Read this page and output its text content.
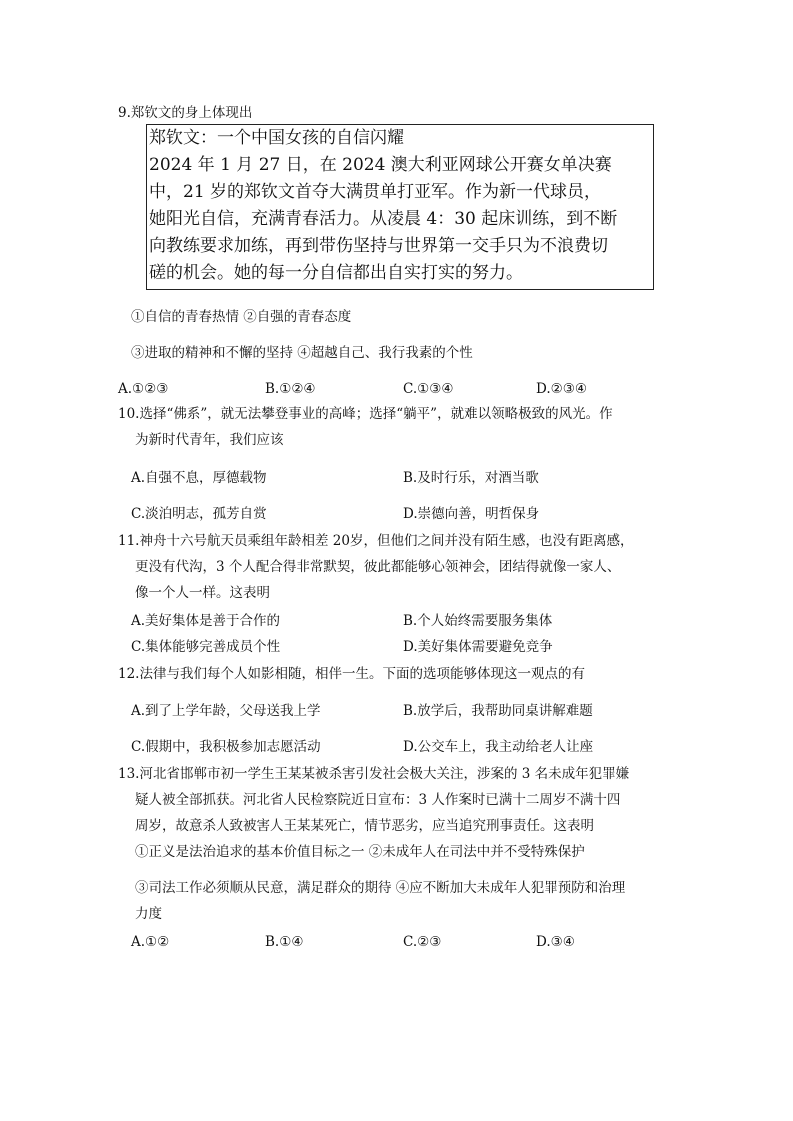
9.郑钦文的身上体现出
郑钦文：一个中国女孩的自信闪耀
2024 年 1 月 27 日，在 2024 澳大利亚网球公开赛女单决赛
中，21 岁的郑钦文首夺大满贯单打亚军。作为新一代球员，
她阳光自信，充满青春活力。从凌晨 4：30 起床训练，到不断
向教练要求加练，再到带伤坚持与世界第一交手只为不浪费切
磋的机会。她的每一分自信都出自实打实的努力。
①自信的青春热情 ②自强的青春态度
③进取的精神和不懈的坚持 ④超越自己、我行我素的个性
A.①②③	B.①②④	C.①③④	D.②③④
10.选择“佛系”，就无法攀登事业的高峰；选择“躺平”，就难以领略极致的风光。作
为新时代青年，我们应该
A.自强不息，厚德载物	B.及时行乐，对酒当歌
C.淡泊明志，孤芳自赏	D.崇德向善，明哲保身
11.神舟十六号航天员乘组年龄相差 20岁，但他们之间并没有陌生感，也没有距离感，
更没有代沟，3 个人配合得非常默契，彼此都能够心领神会，团结得就像一家人、
像一个人一样。这表明
A.美好集体是善于合作的	B.个人始终需要服务集体
C.集体能够完善成员个性	D.美好集体需要避免竞争
12.法律与我们每个人如影相随，相伴一生。下面的选项能够体现这一观点的有
A.到了上学年龄，父母送我上学	B.放学后，我帮助同桌讲解难题
C.假期中，我积极参加志愿活动	D.公交车上，我主动给老人让座
13.河北省邯郸市初一学生王某某被杀害引发社会极大关注，涉案的 3 名未成年犯罪嫌
疑人被全部抓获。河北省人民检察院近日宣布：3 人作案时已满十二周岁不满十四
周岁，故意杀人致被害人王某某死亡，情节恶劣，应当追究刑事责任。这表明
①正义是法治追求的基本价值目标之一 ②未成年人在司法中并不受特殊保护
③司法工作必须顺从民意，满足群众的期待 ④应不断加大未成年人犯罪预防和治理
力度
A.①②	B.①④	C.②③	D.③④
